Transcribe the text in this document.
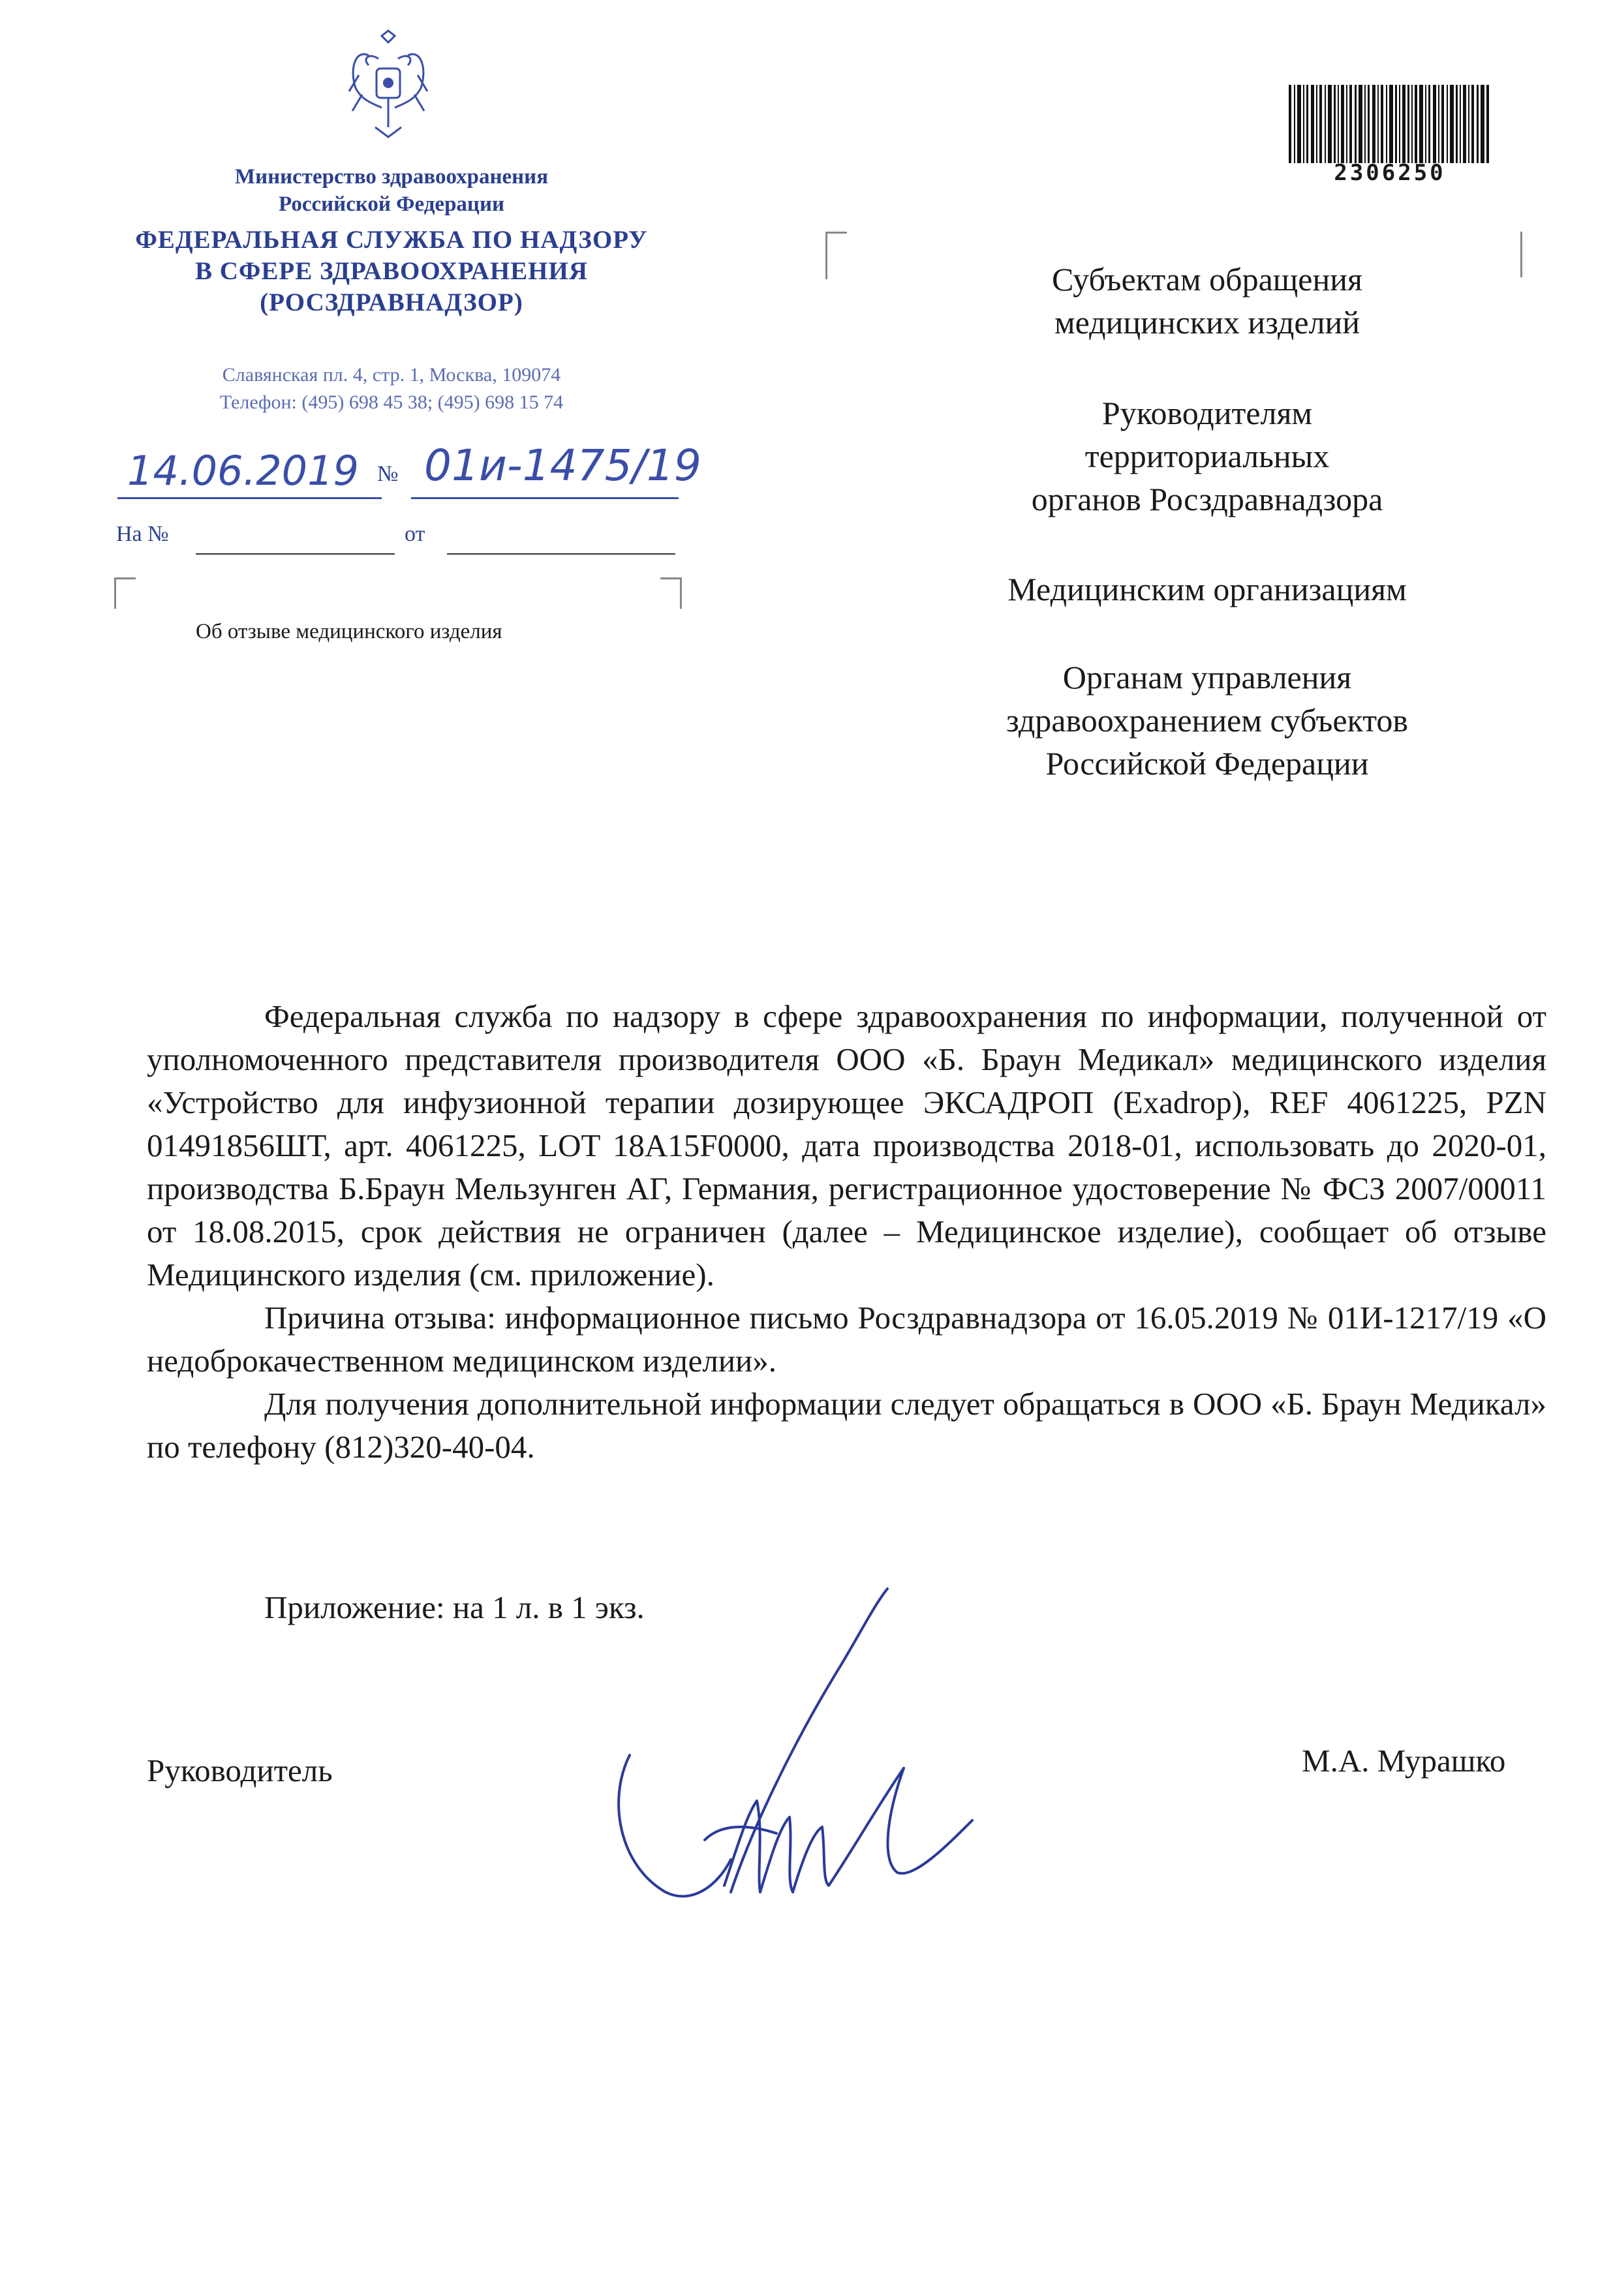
Министерство здравоохранения
Российской Федерации
ФЕДЕРАЛЬНАЯ СЛУЖБА ПО НАДЗОРУ
В СФЕРЕ ЗДРАВООХРАНЕНИЯ
(РОСЗДРАВНАДЗОР)
Славянская пл. 4, стр. 1, Москва, 109074
Телефон: (495) 698 45 38; (495) 698 15 74
14.06.2019 № 01и-1475/19
На №	от
Об отзыве медицинского изделия
2306250
Субъектам обращения
медицинских изделий
Руководителям
территориальных
органов Росздравнадзора
Медицинским организациям
Органам управления
здравоохранением субъектов
Российской Федерации

Федеральная служба по надзору в сфере здравоохранения по информации, полученной от уполномоченного представителя производителя ООО «Б. Браун Медикал» медицинского изделия «Устройство для инфузионной терапии дозирующее ЭКСАДРОП (Exadrop), REF 4061225, PZN 01491856ШТ, арт. 4061225, LOT 18A15F0000, дата производства 2018-01, использовать до 2020-01, производства Б.Браун Мельзунген АГ, Германия, регистрационное удостоверение № ФСЗ 2007/00011 от 18.08.2015, срок действия не ограничен (далее – Медицинское изделие), сообщает об отзыве Медицинского изделия (см. приложение).

Причина отзыва: информационное письмо Росздравнадзора от 16.05.2019 № 01И-1217/19 «О недоброкачественном медицинском изделии».

Для получения дополнительной информации следует обращаться в ООО «Б. Браун Медикал» по телефону (812)320-40-04.

Приложение: на 1 л. в 1 экз.
Руководитель	М.А. Мурашко
